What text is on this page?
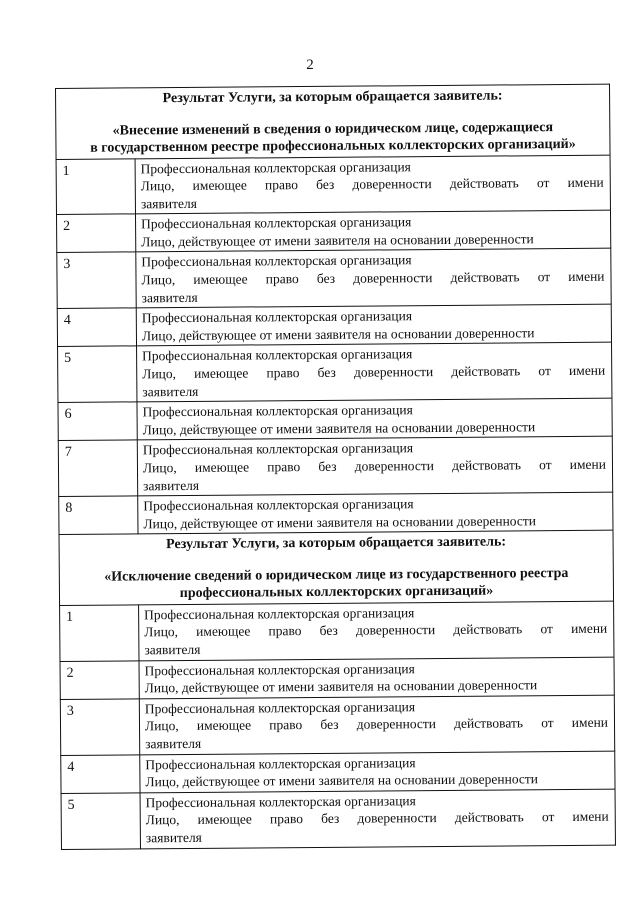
2
Результат Услуги, за которым обращается заявитель:
«Внесение изменений в сведения о юридическом лице, содержащиеся
в государственном реестре профессиональных коллекторских организаций»	

1	Профессиональная коллекторская организация
Лицо, имеющее право без доверенности действовать от имени
заявителя

2	Профессиональная коллекторская организация
Лицо, действующее от имени заявителя на основании доверенности

3	Профессиональная коллекторская организация
Лицо, имеющее право без доверенности действовать от имени
заявителя

4	Профессиональная коллекторская организация
Лицо, действующее от имени заявителя на основании доверенности

5	Профессиональная коллекторская организация
Лицо, имеющее право без доверенности действовать от имени
заявителя

6	Профессиональная коллекторская организация
Лицо, действующее от имени заявителя на основании доверенности

7	Профессиональная коллекторская организация
Лицо, имеющее право без доверенности действовать от имени
заявителя

8	Профессиональная коллекторская организация
Лицо, действующее от имени заявителя на основании доверенности

Результат Услуги, за которым обращается заявитель:
«Исключение сведений о юридическом лице из государственного реестра
профессиональных коллекторских организаций»	

1	Профессиональная коллекторская организация
Лицо, имеющее право без доверенности действовать от имени
заявителя

2	Профессиональная коллекторская организация
Лицо, действующее от имени заявителя на основании доверенности

3	Профессиональная коллекторская организация
Лицо, имеющее право без доверенности действовать от имени
заявителя

4	Профессиональная коллекторская организация
Лицо, действующее от имени заявителя на основании доверенности

5	Профессиональная коллекторская организация
Лицо, имеющее право без доверенности действовать от имени
заявителя
